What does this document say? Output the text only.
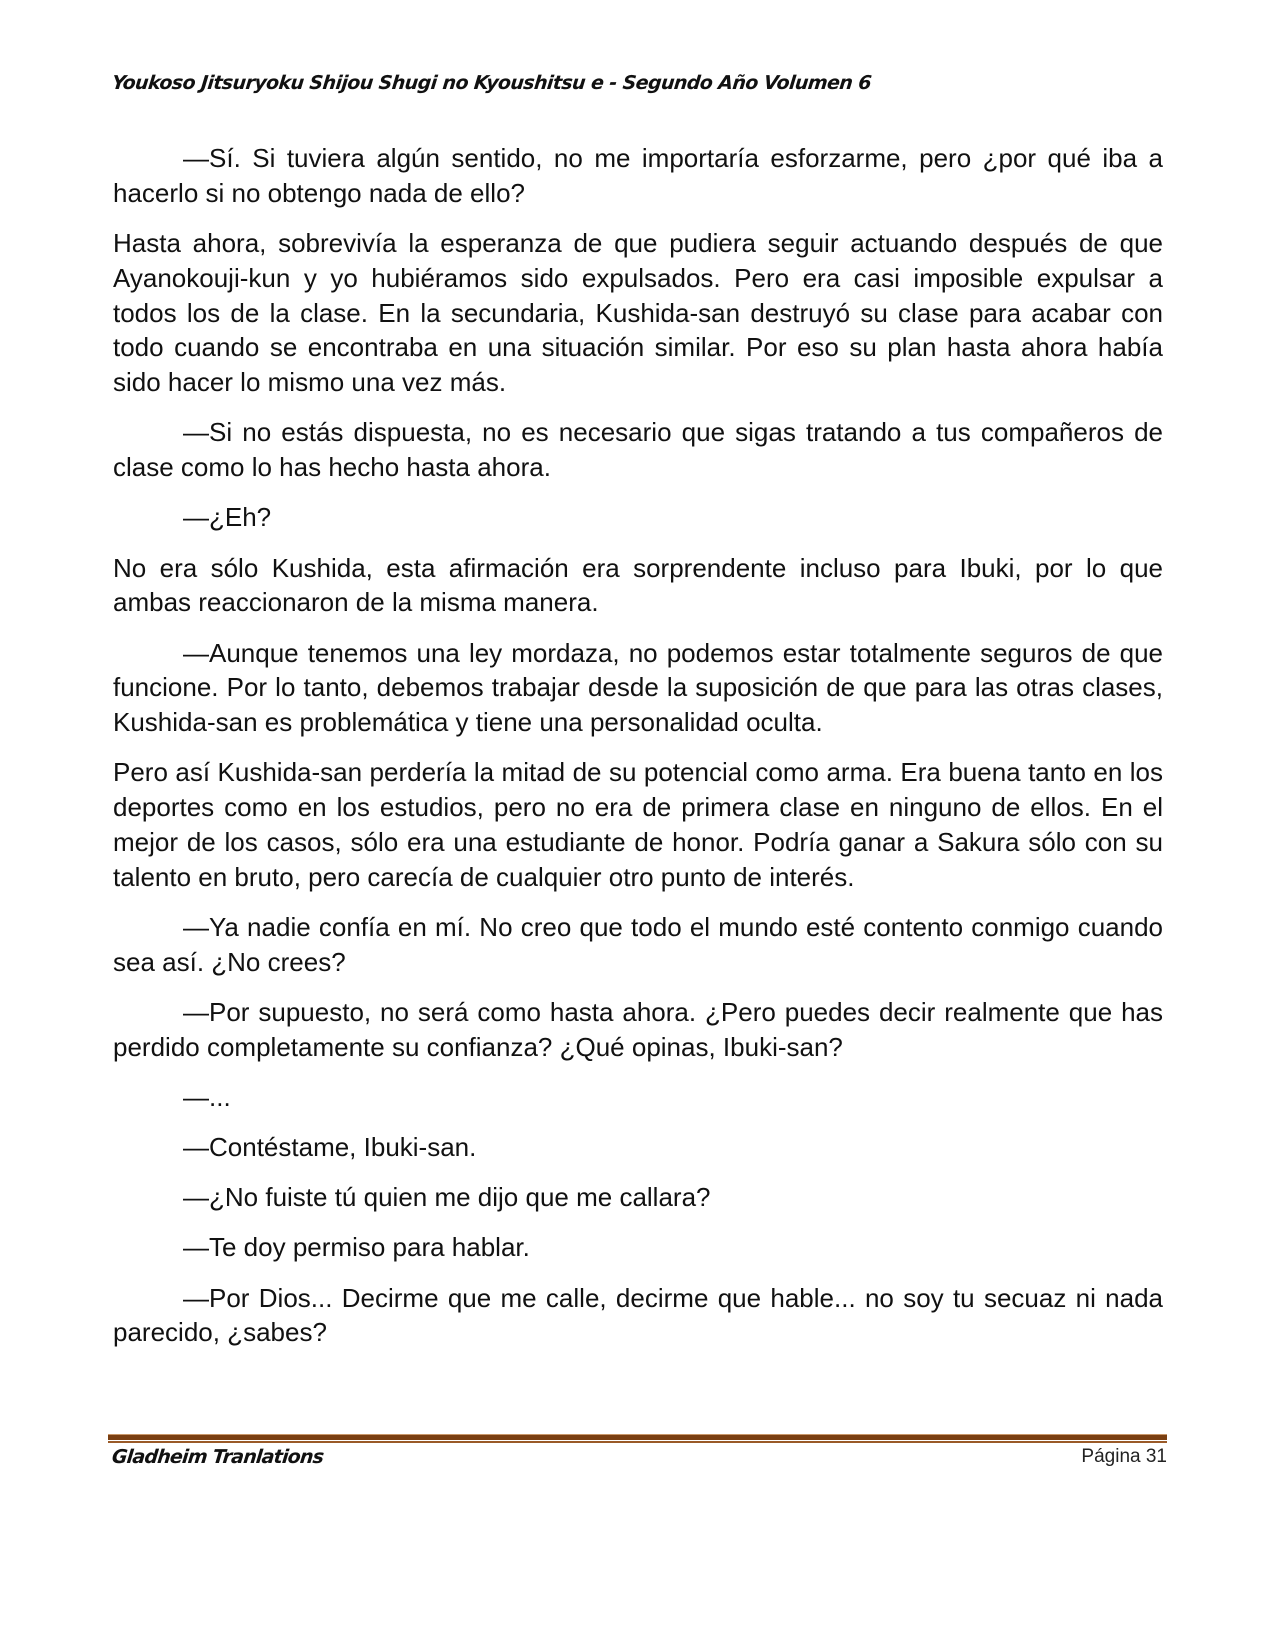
Youkoso Jitsuryoku Shijou Shugi no Kyoushitsu e - Segundo Año Volumen 6

—Sí. Si tuviera algún sentido, no me importaría esforzarme, pero ¿por qué iba a hacerlo si no obtengo nada de ello?

Hasta ahora, sobrevivía la esperanza de que pudiera seguir actuando después de que Ayanokouji-kun y yo hubiéramos sido expulsados. Pero era casi imposible expulsar a todos los de la clase. En la secundaria, Kushida-san destruyó su clase para acabar con todo cuando se encontraba en una situación similar. Por eso su plan hasta ahora había sido hacer lo mismo una vez más.

—Si no estás dispuesta, no es necesario que sigas tratando a tus compañeros de clase como lo has hecho hasta ahora.

—¿Eh?

No era sólo Kushida, esta afirmación era sorprendente incluso para Ibuki, por lo que ambas reaccionaron de la misma manera.

—Aunque tenemos una ley mordaza, no podemos estar totalmente seguros de que funcione. Por lo tanto, debemos trabajar desde la suposición de que para las otras clases, Kushida-san es problemática y tiene una personalidad oculta.

Pero así Kushida-san perdería la mitad de su potencial como arma. Era buena tanto en los deportes como en los estudios, pero no era de primera clase en ninguno de ellos. En el mejor de los casos, sólo era una estudiante de honor. Podría ganar a Sakura sólo con su talento en bruto, pero carecía de cualquier otro punto de interés.

—Ya nadie confía en mí. No creo que todo el mundo esté contento conmigo cuando sea así. ¿No crees?

—Por supuesto, no será como hasta ahora. ¿Pero puedes decir realmente que has perdido completamente su confianza? ¿Qué opinas, Ibuki-san?

—...

—Contéstame, Ibuki-san.

—¿No fuiste tú quien me dijo que me callara?

—Te doy permiso para hablar.

—Por Dios... Decirme que me calle, decirme que hable... no soy tu secuaz ni nada parecido, ¿sabes?

Gladheim Tranlations	Página 31
